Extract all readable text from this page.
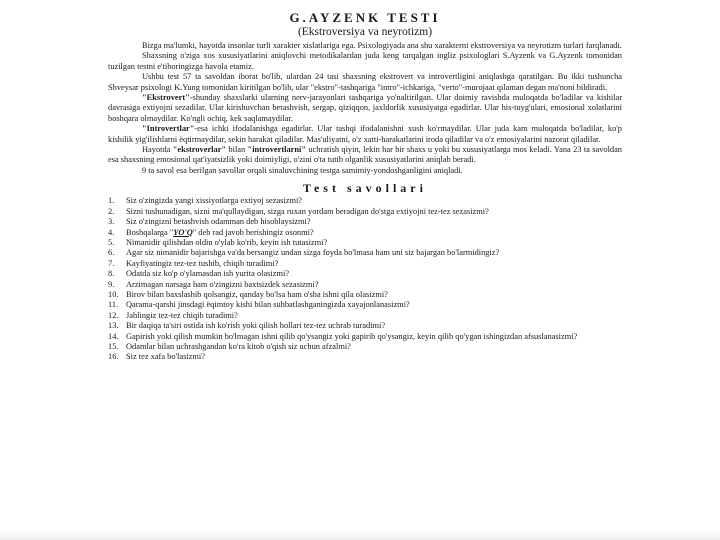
G.AYZENK TESTI

(Ekstroversiya va neyrotizm)

Bizga ma'lumki, hayotda insonlar turli xarakter xislatlariga ega. Psixologiyada ana shu xarakterni ekstroversiya va neyrotizm turlari farqlanadi.

Shaxsning o'ziga xos xususiyatlarini aniqlovchi metodikalardan juda keng tarqalgan ingliz psixologlari S.Ayzenk va G.Ayzenk tomonidan tuzilgan testni e'tiboringizga havola etamiz.

Ushbu test 57 ta savoldan iborat bo'lib, ulardan 24 tasi shaxsning ekstrovert va introvertligini aniqlashga qaratilgan. Bu ikki tushuncha Shveysar psixologi K.Yung tomonidan kiritilgan bo'lib, ular "ekstro"-tashqariga "intro"-ichkariga, "verto"-murojaat qilaman degan ma'noni bildiradi.

"Ekstrovert"-shunday shaxslarki ularning nerv-jarayonlari tashqariga yo'naltirilgan. Ular doimiy ravishda muloqatda bo'ladilar va kishilar davrasiga extiyojni sezadilar. Ular kirishuvchan betashvish, sergap, qiziqqon, jaxldorlik xususiyatga egadirlar. Ular his-tuyg'ulari, emosional xolatlarini boshqara olmaydilar. Ko'ngli ochiq, kek saqlamaydilar.

"Introvertlar"-esa ichki ifodalanishga egadirlar. Ular tashqi ifodalanishni xush ko'rmaydilar. Ular juda kam muloqatda bo'ladilar, ko'p kishilik yig'ilishlarni ëqtirmaydilar, sekin harakat qiladilar. Mas'uliyatni, o'z xatti-harakatlarini iroda qiladilar va o'z emosiyalarini nazorat qiladilar.

Hayotda "ekstroverlar" bilan "introvertlarni" uchratish qiyin, lekin har bir shaxs u yoki bu xususiyatlarga mos keladi. Yana 23 ta savoldan esa shaxsning emosional qat'iyatsizlik yoki doimiyligi, o'zini o'ta tutib olganlik xususiyatlarini aniqlab beradi.

9 ta savol esa berilgan savollar orqali sinaluvchining testga samimiy-yondoshganligini aniqladi.

Test savollari
1.	Siz o'zingizda yangi xissiyotlarga extiyoj sezasizmi?
2.	Sizni tushunadigan, sizni ma'qullaydigan, sizga ruxan yordam beradigan do'stga extiyojni tez-tez sezasizmi?
3.	Siz o'zingizni betashvish odamman deb hisoblaysizmi?
4.	Boshqalarga "YO'Q" deb rad javob berishingiz osonmi?
5.	Nimanidir qilishdan oldin o'ylab ko'rib, keyin ish tutasizmi?
6.	Agar siz nimanidir bajarishga va'da bersangiz undan sizga foyda bo'lmasa ham uni siz bajargan bo'larmidingiz?
7.	Kayfiyatingiz tez-tez tushib, chiqib turadimi?
8.	Odatda siz ko'p o'ylamasdan ish yurita olasizmi?
9.	Arzimagan narsaga ham o'zingizni baxtsizdek sezasizmi?
10. Birov bilan baxslashib qolsangiz, qanday bo'lsa ham o'sha ishni qila olasizmi?
11. Qarama-qarshi jinsdagi ëqimtoy kishi bilan suhbatlashganingizda xayajonlanasizmi?
12. Jahlingiz tez-tez chiqib turadimi?
13. Bir daqiqa ta'siri ostida ish ko'rish yoki qilish hollari tez-tez uchrab turadimi?
14. Gapirish yoki qilish mumkin bo'lmagan ishni qilib qo'ysangiz yoki gapirib qo'ysangiz, keyin qilib qo'ygan ishingizdan afsuslanasizmi?
15. Odamlar bilan uchrashgandan ko'ra kitob o'qish siz uchun afzalmi?
16. Siz tez xafa bo'lasizmi?
